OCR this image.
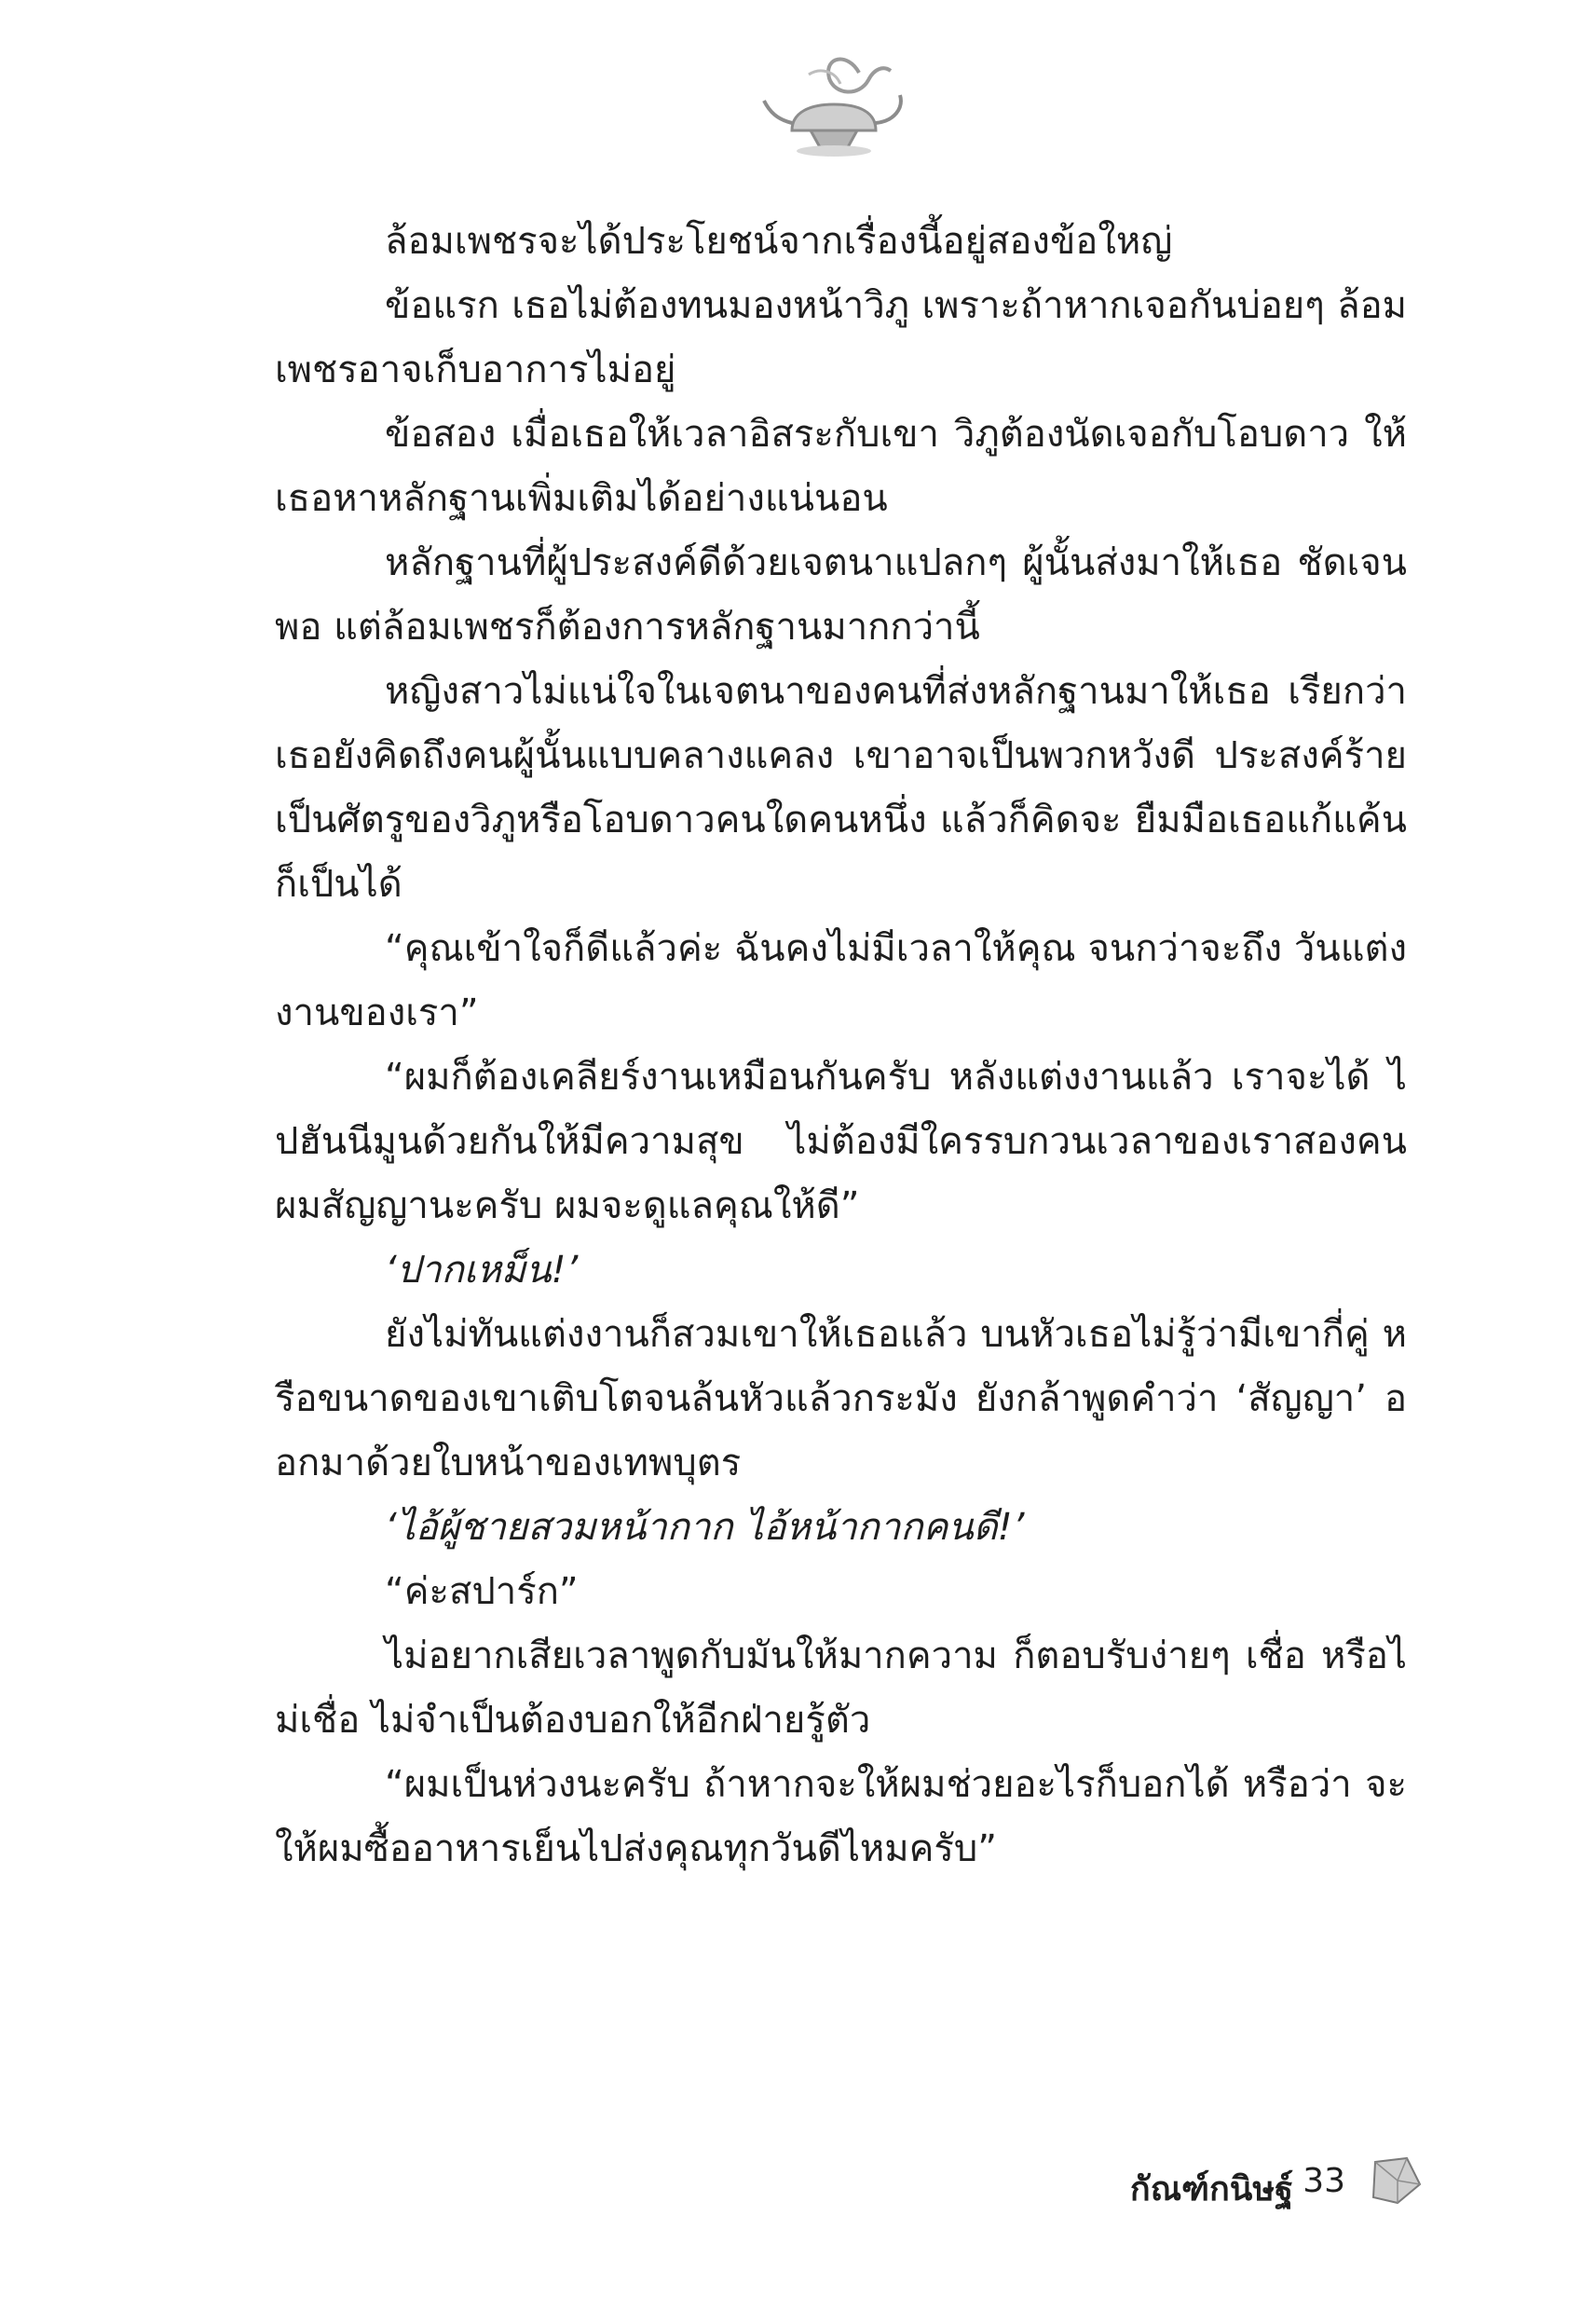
ล้อมเพชรจะได้ประโยชน์จากเรื่องนี้อยู่สองข้อใหญ่

ข้อแรก เธอไม่ต้องทนมองหน้าวิภู เพราะถ้าหากเจอกันบ่อยๆ ล้อมเพชรอาจเก็บอาการไม่อยู่

ข้อสอง เมื่อเธอให้เวลาอิสระกับเขา วิภูต้องนัดเจอกับโอบดาว ให้เธอหาหลักฐานเพิ่มเติมได้อย่างแน่นอน

หลักฐานที่ผู้ประสงค์ดีด้วยเจตนาแปลกๆ ผู้นั้นส่งมาให้เธอ ชัดเจนพอ แต่ล้อมเพชรก็ต้องการหลักฐานมากกว่านี้

หญิงสาวไม่แน่ใจในเจตนาของคนที่ส่งหลักฐานมาให้เธอ เรียกว่าเธอยังคิดถึงคนผู้นั้นแบบคลางแคลง เขาอาจเป็นพวกหวังดี ประสงค์ร้าย เป็นศัตรูของวิภูหรือโอบดาวคนใดคนหนึ่ง แล้วก็คิดจะ ยืมมือเธอแก้แค้นก็เป็นได้

“คุณเข้าใจก็ดีแล้วค่ะ ฉันคงไม่มีเวลาให้คุณ จนกว่าจะถึง วันแต่งงานของเรา”

“ผมก็ต้องเคลียร์งานเหมือนกันครับ หลังแต่งงานแล้ว เราจะได้ ไปฮันนีมูนด้วยกันให้มีความสุข ไม่ต้องมีใครรบกวนเวลาของเราสองคน ผมสัญญานะครับ ผมจะดูแลคุณให้ดี”

‘ปากเหม็น!’

ยังไม่ทันแต่งงานก็สวมเขาให้เธอแล้ว บนหัวเธอไม่รู้ว่ามีเขากี่คู่ หรือขนาดของเขาเติบโตจนล้นหัวแล้วกระมัง ยังกล้าพูดคำว่า ‘สัญญา’ ออกมาด้วยใบหน้าของเทพบุตร

‘ไอ้ผู้ชายสวมหน้ากาก ไอ้หน้ากากคนดี!’

“ค่ะสปาร์ก”

ไม่อยากเสียเวลาพูดกับมันให้มากความ ก็ตอบรับง่ายๆ เชื่อ หรือไม่เชื่อ ไม่จำเป็นต้องบอกให้อีกฝ่ายรู้ตัว

“ผมเป็นห่วงนะครับ ถ้าหากจะให้ผมช่วยอะไรก็บอกได้ หรือว่า จะให้ผมซื้ออาหารเย็นไปส่งคุณทุกวันดีไหมครับ”

กัณฑ์กนิษฐ์ 33
